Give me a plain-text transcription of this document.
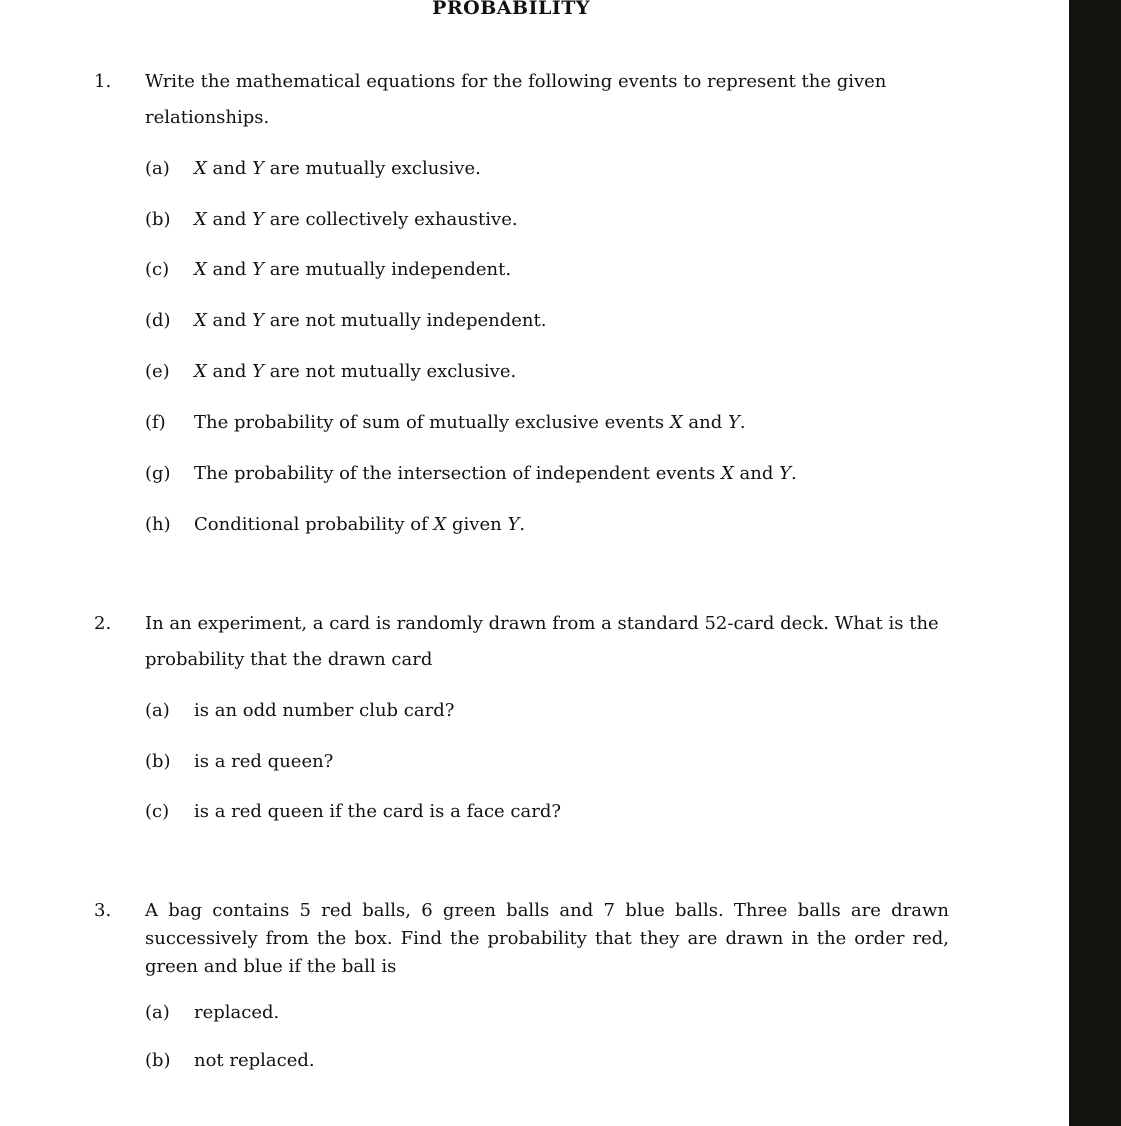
PROBABILITY
1. Write the mathematical equations for the following events to represent the given relationships.

(a) X and Y are mutually exclusive.
(b) X and Y are collectively exhaustive.
(c) X and Y are mutually independent.
(d) X and Y are not mutually independent.
(e) X and Y are not mutually exclusive.
(f) The probability of sum of mutually exclusive events X and Y.
(g) The probability of the intersection of independent events X and Y.
(h) Conditional probability of X given Y.
2. In an experiment, a card is randomly drawn from a standard 52-card deck. What is the probability that the drawn card

(a) is an odd number club card?
(b) is a red queen?
(c) is a red queen if the card is a face card?
3. A bag contains 5 red balls, 6 green balls and 7 blue balls. Three balls are drawn successively from the box. Find the probability that they are drawn in the order red, green and blue if the ball is

(a) replaced.
(b) not replaced.
